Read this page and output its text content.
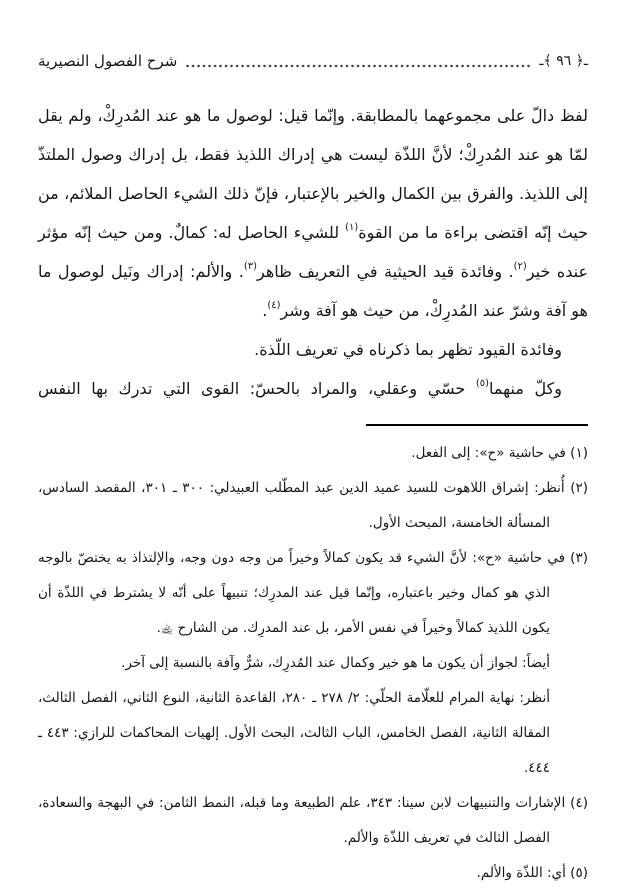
ـ﴿ ٩٦ ﴾ـ
شرح الفصول النصيرية

لفظ دالّ على مجموعهما بالمطابقة. وإنّما قيل: لوصول ما هو عند المُدرِكْ، ولم يقل لمّا هو عند المُدرِكْ؛ لأنَّ اللذّة ليست هي إدراك اللذيذ فقط، بل إدراك وصول الملتذّ إلى اللذيذ. والفرق بين الكمال والخير بالإعتبار، فإنّ ذلك الشيء الحاصل الملائم، من حيث إنّه اقتضى براءة ما من القوة$^{(١)}$ للشيء الحاصل له: كمالٌ. ومن حيث إنّه مؤثر عنده خير$^{(٢)}$. وفائدة قيد الحيثية في التعريف ظاهر$^{(٣)}$. والألم: إدراك ونَيل لوصول ما هو آفة وشرّ عند المُدرِكْ، من حيث هو آفة وشر$^{(٤)}$.

وفائدة القيود تظهر بما ذكرناه في تعريف اللّذة.

وكلّ منهما$^{(٥)}$ حسّي وعقلي، والمراد بالحسّ: القوى التي تدرك بها النفس

(١) في حاشية «ح»: إلى الفعل.

(٢) أُنظر: إشراق اللاهوت للسيد عميد الدين عبد المطّلب العبيدلي: ٣٠٠ ـ ٣٠١، المقصد السادس، المسألة الخامسة، المبحث الأول.

(٣) في حاشية «ح»: لأنَّ الشيء قد يكون كمالاً وخيراً من وجه دون وجه، والإلتذاذ به يختصّ بالوجه الذي هو كمال وخير باعتباره، وإنّما قيل عند المدرِك؛ تنبيهاً على أنّه لا يشترط في اللذّة أن يكون اللذيذ كمالاً وخيراً في نفس الأمر، بل عند المدرِك. من الشارح ﵀.

أيضاً: لجواز أن يكون ما هو خير وكمال عند المُدرِك، شرٌّ وآفة بالنسبة إلى آخر.

أنظر: نهاية المرام للعلّامة الحلّي: ٢/ ٢٧٨ ـ ٢٨٠، القاعدة الثانية، النوع الثاني، الفصل الثالث، المقالة الثانية، الفصل الخامس، الباب الثالث، البحث الأول. إلهيات المحاكمات للرازي: ٤٤٣ ـ ٤٤٤.

(٤) الإشارات والتنبيهات لابن سينا: ٣٤٣، علم الطبيعة وما قبله، النمط الثامن: في البهجة والسعادة، الفصل الثالث في تعريف اللذّة والألم.

(٥) أي: اللذّة والألم.
